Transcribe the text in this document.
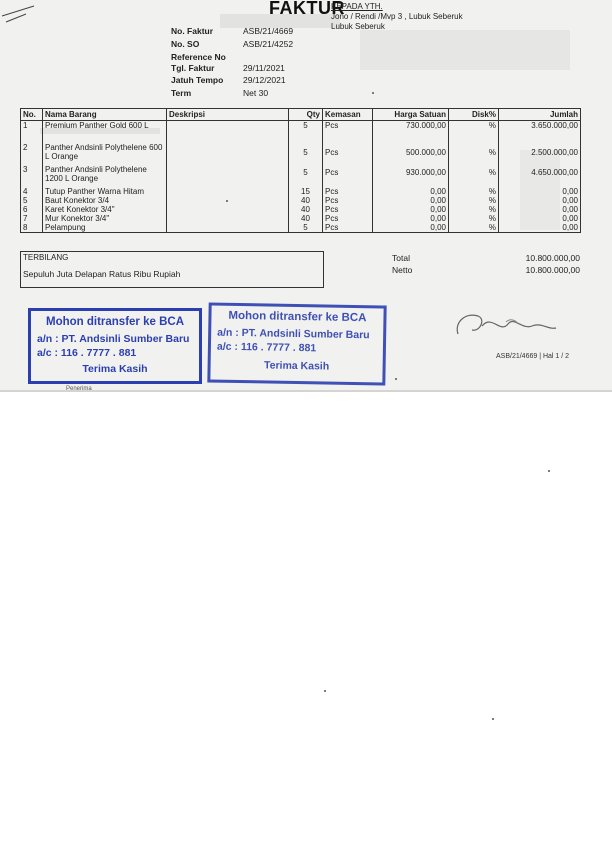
FAKTUR
KEPADA YTH.
Jono / Rendi /Mvp 3 , Lubuk Seberuk
Lubuk Seberuk
No. Faktur	ASB/21/4669
No. SO	ASB/21/4252
Reference No
Tgl. Faktur	29/11/2021
Jatuh Tempo 29/12/2021
Term	Net 30
No.	Nama Barang	Deskripsi	Qty	Kemasan	Harga Satuan	Disk%	Jumlah
1	Premium Panther Gold 600 L		5	Pcs	730.000,00	%	3.650.000,00
2	Panther Andsinli Polythelene 600 L Orange		5	Pcs	500.000,00	%	2.500.000,00
3	Panther Andsinli Polythelene 1200 L Orange		5	Pcs	930.000,00	%	4.650.000,00
4	Tutup Panther Warna Hitam		15	Pcs	0,00	%	0,00
5	Baut Konektor 3/4		40	Pcs	0,00	%	0,00
6	Karet Konektor 3/4"		40	Pcs	0,00	%	0,00
7	Mur Konektor 3/4"		40	Pcs	0,00	%	0,00
8	Pelampung		5	Pcs	0,00	%	0,00
TERBILANG
Sepuluh Juta Delapan Ratus Ribu Rupiah
Total	10.800.000,00
Netto	10.800.000,00
Mohon ditransfer ke BCA
a/n : PT. Andsinli Sumber Baru
a/c : 116 . 7777 . 881
Terima Kasih
Mohon ditransfer ke BCA
a/n : PT. Andsinli Sumber Baru
a/c : 116 . 7777 . 881
Terima Kasih
ASB/21/4669 | Hal 1 / 2
Penerima
